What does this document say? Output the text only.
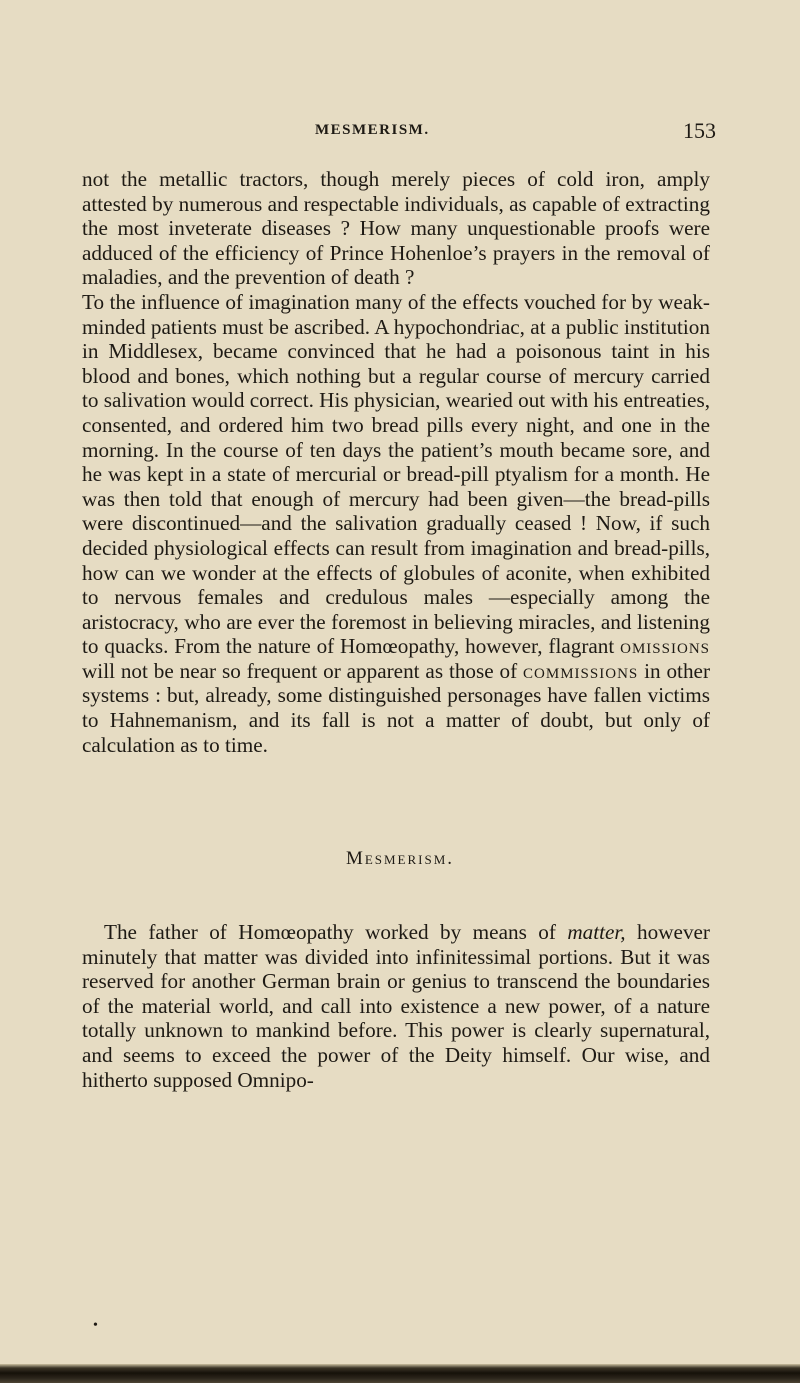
MESMERISM.	153

not the metallic tractors, though merely pieces of cold iron, amply attested by numerous and respectable individuals, as capable of extracting the most inveterate diseases ? How many unquestionable proofs were adduced of the efficiency of Prince Hohenloe’s prayers in the removal of maladies, and the prevention of death ?

To the influence of imagination many of the effects vouched for by weak-minded patients must be ascribed. A hypochondriac, at a public institution in Middlesex, became convinced that he had a poisonous taint in his blood and bones, which nothing but a regular course of mercury carried to salivation would correct. His physician, wearied out with his entreaties, consented, and ordered him two bread pills every night, and one in the morning. In the course of ten days the patient’s mouth became sore, and he was kept in a state of mercurial or bread-pill ptyalism for a month. He was then told that enough of mercury had been given—the bread-pills were discontinued—and the salivation gradually ceased ! Now, if such decided physiological effects can result from imagination and bread-pills, how can we wonder at the effects of globules of aconite, when exhibited to nervous females and credulous males —especially among the aristocracy, who are ever the foremost in believing miracles, and listening to quacks. From the nature of Homœopathy, however, flagrant omissions will not be near so frequent or apparent as those of commissions in other systems : but, already, some distinguished personages have fallen victims to Hahnemanism, and its fall is not a matter of doubt, but only of calculation as to time.

Mesmerism.

The father of Homœopathy worked by means of matter, however minutely that matter was divided into infinitessimal portions. But it was reserved for another German brain or genius to transcend the boundaries of the material world, and call into existence a new power, of a nature totally unknown to mankind before. This power is clearly supernatural, and seems to exceed the power of the Deity himself. Our wise, and hitherto supposed Omnipo-

•
